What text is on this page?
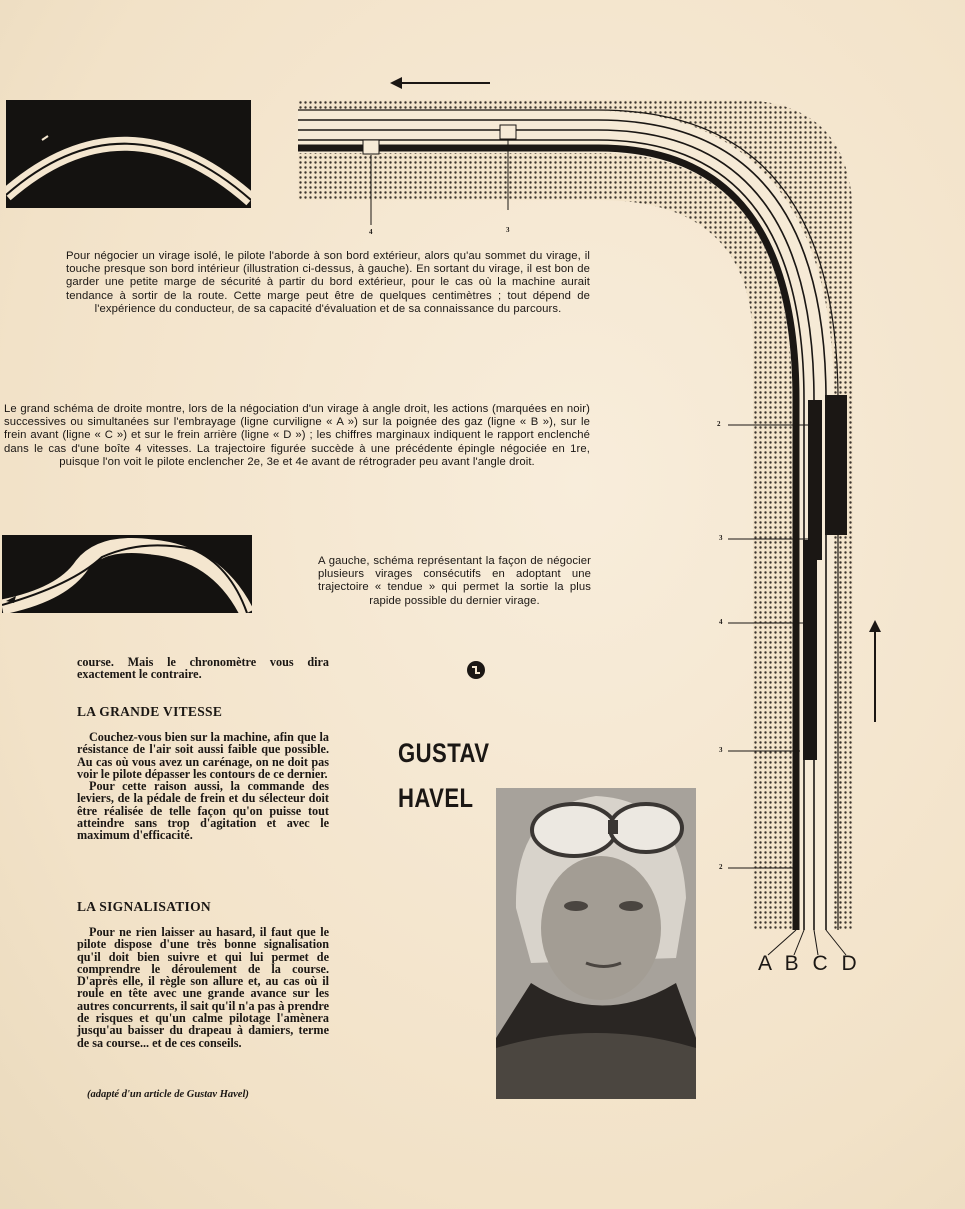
4	3
2
3
4
3
2
A B C D
Pour négocier un virage isolé, le pilote l'aborde à son bord extérieur, alors qu'au sommet du virage, il touche presque son bord intérieur (illustration ci-dessus, à gauche). En sortant du virage, il est bon de garder une petite marge de sécurité à partir du bord extérieur, pour le cas où la machine aurait tendance à sortir de la route. Cette marge peut être de quelques centimètres ; tout dépend de l'expérience du conducteur, de sa capacité d'évaluation et de sa connaissance du parcours.
Le grand schéma de droite montre, lors de la négociation d'un virage à angle droit, les actions (marquées en noir) successives ou simultanées sur l'embrayage (ligne curviligne « A ») sur la poignée des gaz (ligne « B »), sur le frein avant (ligne « C ») et sur le frein arrière (ligne « D ») ; les chiffres marginaux indiquent le rapport enclenché dans le cas d'une boîte 4 vitesses. La trajectoire figurée succède à une précédente épingle négociée en 1re, puisque l'on voit le pilote enclencher 2e, 3e et 4e avant de rétrograder peu avant l'angle droit.
A gauche, schéma représentant la façon de négocier plusieurs virages consécutifs en adoptant une trajectoire « tendue » qui permet la sortie la plus rapide possible du dernier virage.

course. Mais le chronomètre vous dira exactement le contraire.

LA GRANDE VITESSE

Couchez-vous bien sur la machine, afin que la résistance de l'air soit aussi faible que possible. Au cas où vous avez un carénage, on ne doit pas voir le pilote dépasser les contours de ce dernier.

Pour cette raison aussi, la commande des leviers, de la pédale de frein et du sélecteur doit être réalisée de telle façon qu'on puisse tout atteindre sans trop d'agitation et avec le maximum d'efficacité.

LA SIGNALISATION

Pour ne rien laisser au hasard, il faut que le pilote dispose d'une très bonne signalisation qu'il doit bien suivre et qui lui permet de comprendre le déroulement de la course. D'après elle, il règle son allure et, au cas où il roule en tête avec une grande avance sur les autres concurrents, il sait qu'il n'a pas à prendre de risques et qu'un calme pilotage l'amènera jusqu'au baisser du drapeau à damiers, terme de sa course... et de ces conseils.

(adapté d'un article de Gustav Havel)
GUSTAV
HAVEL
